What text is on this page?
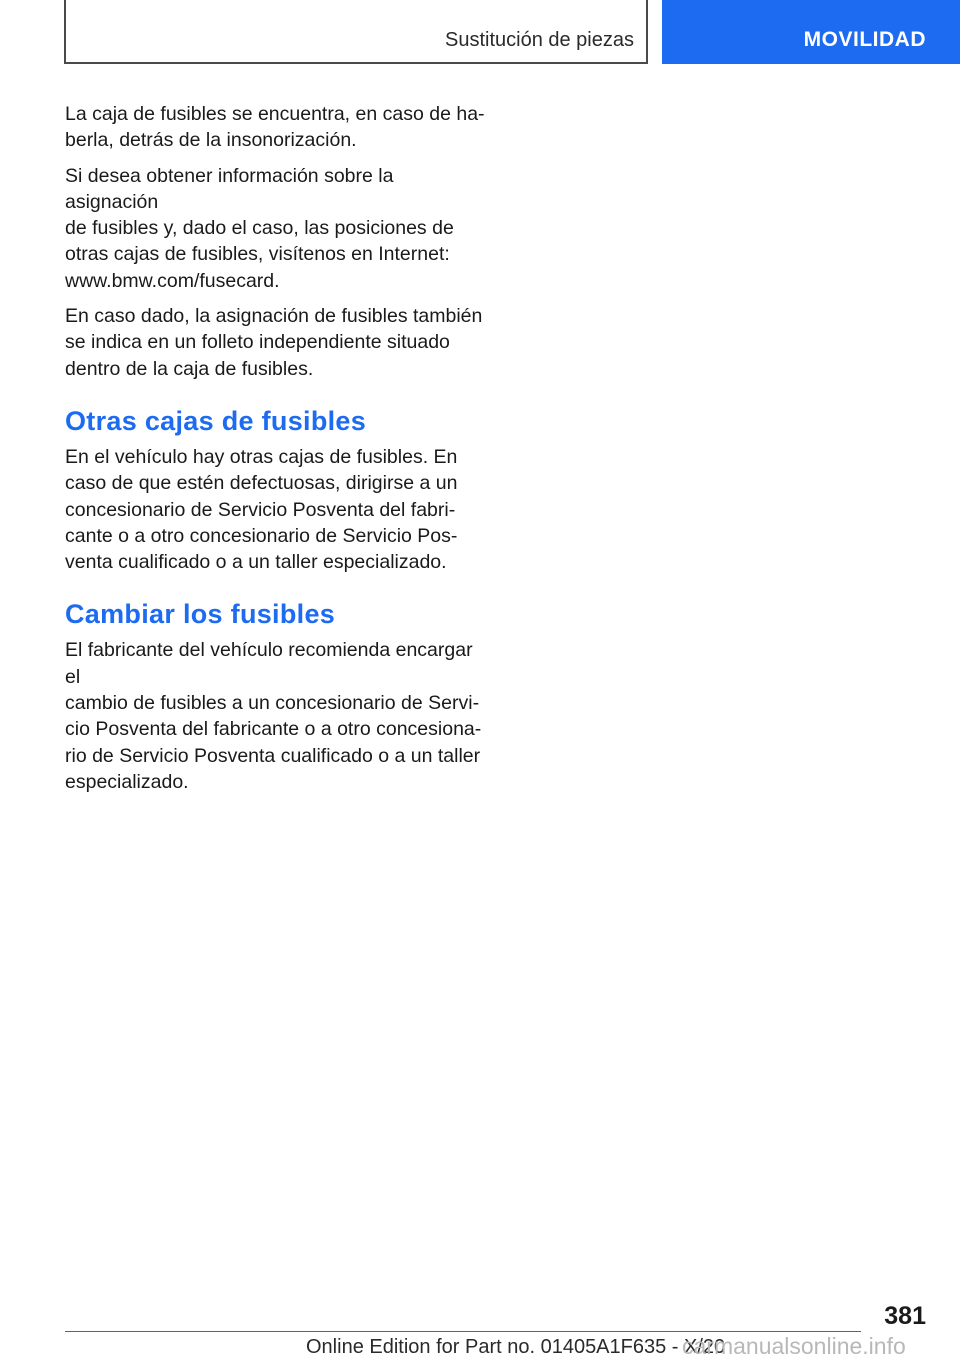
Sustitución de piezas	MOVILIDAD

La caja de fusibles se encuentra, en caso de ha-
berla, detrás de la insonorización.

Si desea obtener información sobre la asignación
de fusibles y, dado el caso, las posiciones de
otras cajas de fusibles, visítenos en Internet:
www.bmw.com/fusecard.

En caso dado, la asignación de fusibles también
se indica en un folleto independiente situado
dentro de la caja de fusibles.

Otras cajas de fusibles

En el vehículo hay otras cajas de fusibles. En
caso de que estén defectuosas, dirigirse a un
concesionario de Servicio Posventa del fabri-
cante o a otro concesionario de Servicio Pos-
venta cualificado o a un taller especializado.

Cambiar los fusibles

El fabricante del vehículo recomienda encargar el
cambio de fusibles a un concesionario de Servi-
cio Posventa del fabricante o a otro concesiona-
rio de Servicio Posventa cualificado o a un taller
especializado.

381
Online Edition for Part no. 01405A1F635 - X/20
carmanualsonline.info
